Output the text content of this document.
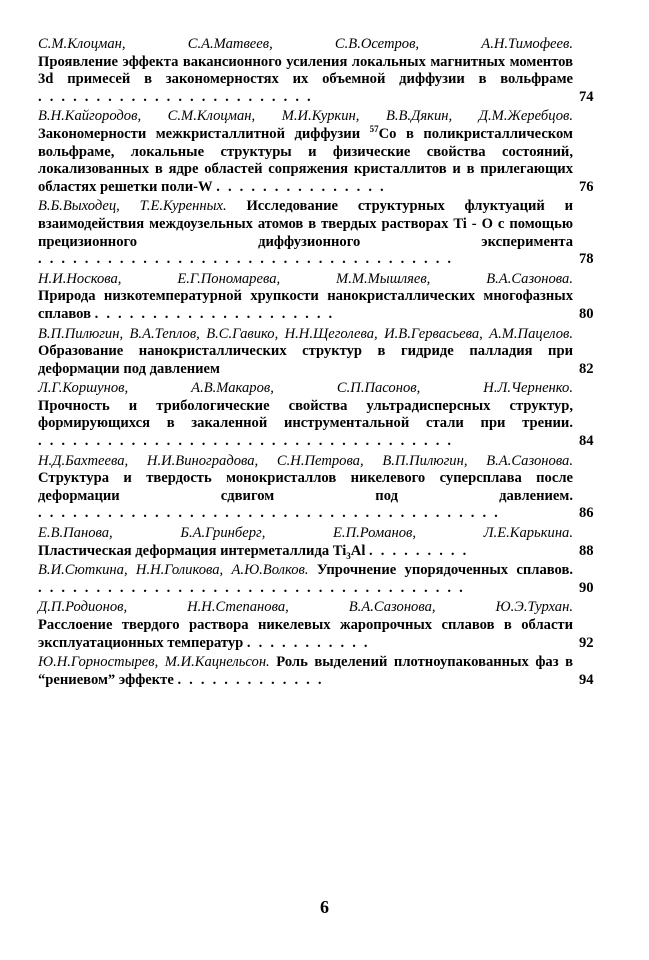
С.М.Клоцман, С.А.Матвеев, С.В.Осетров, А.Н.Тимофеев.
Проявление эффекта вакансионного усиления локальных магнитных моментов 3d примесей в закономерностях их объемной диффузии в вольфраме . . . . . . . . . . . . . . . . . . . . . . . .	74
В.Н.Кайгородов, С.М.Клоцман, М.И.Куркин, В.В.Дякин, Д.М.Жеребцов. Закономерности межкристаллитной диффузии $^{57}$Co в поликристаллическом вольфраме, локальные структуры и физические свойства состояний, локализованных в ядре областей сопряжения кристаллитов и в прилегающих областях решетки поли-W . . . . . . . . . . . . . . .	76
В.Б.Выходец, Т.Е.Куренных. Исследование структурных флуктуаций и взаимодействия междоузельных атомов в твердых растворах Ti - O с помощью прецизионного диффузионного эксперимента . . . . . . . . . . . . . . . . . . . . . . . . . . . . . . . . . . . .	78
Н.И.Носкова, Е.Г.Пономарева, М.М.Мышляев, В.А.Сазонова.
Природа низкотемпературной хрупкости нанокристаллических многофазных сплавов . . . . . . . . . . . . . . . . . . . . .	80
В.П.Пилюгин, В.А.Теплов, В.С.Гавико, Н.Н.Щеголева, И.В.Гервасьева, А.М.Пацелов. Образование нанокристаллических структур в гидриде палладия при деформации под давлением	82
Л.Г.Коршунов, А.В.Макаров, С.П.Пасонов, Н.Л.Черненко.
Прочность и трибологические свойства ультрадисперсных структур, формирующихся в закаленной инструментальной стали при трении. . . . . . . . . . . . . . . . . . . . . . . . . . . . . . . . . . . . .	84
Н.Д.Бахтеева, Н.И.Виноградова, С.Н.Петрова, В.П.Пилюгин, В.А.Сазонова. Структура и твердость монокристаллов никелевого суперсплава после деформации сдвигом под давлением. . . . . . . . . . . . . . . . . . . . . . . . . . . . . . . . . . . . . . . . .	86
Е.В.Панова, Б.А.Гринберг, Е.П.Романов, Л.Е.Карькина.
Пластическая деформация интерметаллида $Ti_3Al$ . . . . . . . . .	88
В.И.Сюткина, Н.Н.Голикова, А.Ю.Волков. Упрочнение упорядоченных сплавов. . . . . . . . . . . . . . . . . . . . . . . . . . . . . . . . . . . . . .	90
Д.П.Родионов, Н.Н.Степанова, В.А.Сазонова, Ю.Э.Турхан.
Расслоение твердого раствора никелевых жаропрочных сплавов в области эксплуатационных температур . . . . . . . . . . .	92
Ю.Н.Горностырев, М.И.Кацнельсон. Роль выделений плотноупакованных фаз в “рениевом” эффекте . . . . . . . . . . . . .	94
6
